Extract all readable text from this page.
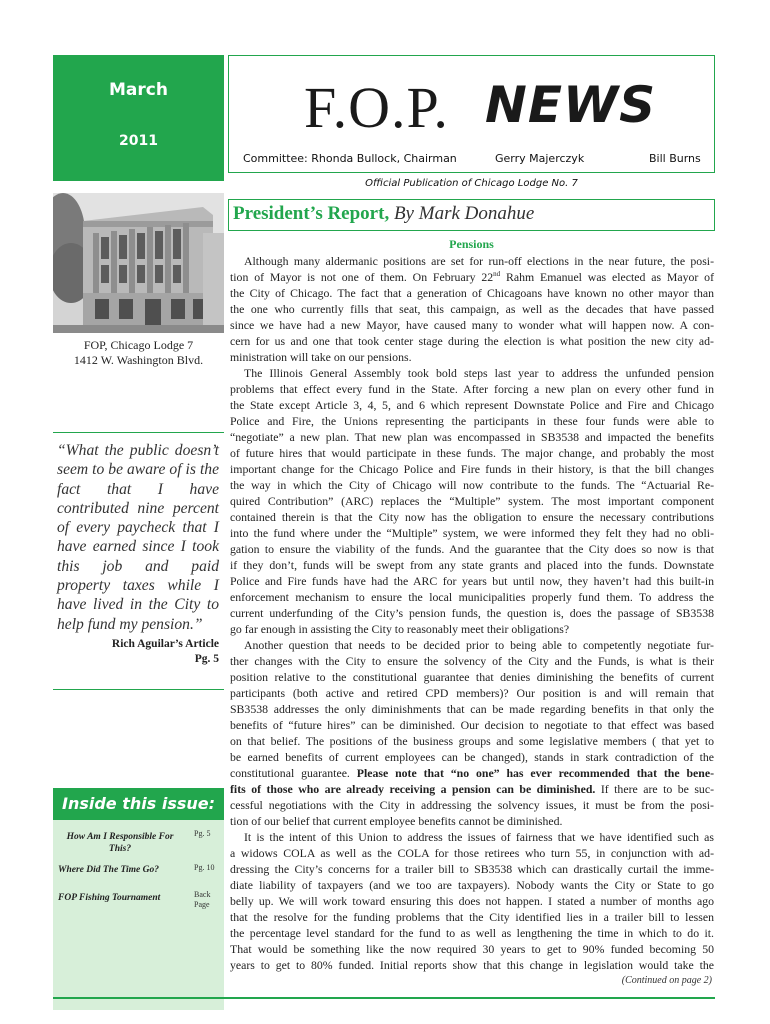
March
2011
F.O.P. NEWS
Committee: Rhonda Bullock, Chairman	Gerry Majerczyk	Bill Burns
Official Publication of Chicago Lodge No. 7
FOP, Chicago Lodge 7
1412 W. Washington Blvd.
“What the public doesn’t seem to be aware of is the fact that I have contributed nine percent of every paycheck that I have earned since I took this job and paid property taxes while I have lived in the City to help fund my pension.”
Rich Aguilar’s Article
Pg. 5
Inside this issue:
How Am I Responsible For This?
Pg. 5
Where Did The Time Go?	Pg. 10
FOP Fishing Tournament	Back Page
President’s Report, By Mark Donahue
Pensions
Although many aldermanic positions are set for run-off elections in the near future, the posi-
tion of Mayor is not one of them. On February 22nd Rahm Emanuel was elected as Mayor of
the City of Chicago. The fact that a generation of Chicagoans have known no other mayor than
the one who currently fills that seat, this campaign, as well as the decades that have passed
since we have had a new Mayor, have caused many to wonder what will happen now. A con-
cern for us and one that took center stage during the election is what position the new city ad-
ministration will take on our pensions.
The Illinois General Assembly took bold steps last year to address the unfunded pension
problems that effect every fund in the State. After forcing a new plan on every other fund in
the State except Article 3, 4, 5, and 6 which represent Downstate Police and Fire and Chicago
Police and Fire, the Unions representing the participants in these four funds were able to
“negotiate” a new plan. That new plan was encompassed in SB3538 and impacted the benefits
of future hires that would participate in these funds. The major change, and probably the most
important change for the Chicago Police and Fire funds in their history, is that the bill changes
the way in which the City of Chicago will now contribute to the funds. The “Actuarial Re-
quired Contribution” (ARC) replaces the “Multiple” system. The most important component
contained therein is that the City now has the obligation to ensure the necessary contributions
into the fund where under the “Multiple” system, we were informed they felt they had no obli-
gation to ensure the viability of the funds. And the guarantee that the City does so now is that
if they don’t, funds will be swept from any state grants and placed into the funds. Downstate
Police and Fire funds have had the ARC for years but until now, they haven’t had this built-in
enforcement mechanism to ensure the local municipalities properly fund them. To address the
current underfunding of the City’s pension funds, the question is, does the passage of SB3538
go far enough in assisting the City to reasonably meet their obligations?
Another question that needs to be decided prior to being able to competently negotiate fur-
ther changes with the City to ensure the solvency of the City and the Funds, is what is their
position relative to the constitutional guarantee that denies diminishing the benefits of current
participants (both active and retired CPD members)? Our position is and will remain that
SB3538 addresses the only diminishments that can be made regarding benefits in that only the
benefits of “future hires” can be diminished. Our decision to negotiate to that effect was based
on that belief. The positions of the business groups and some legislative members ( that yet to
be earned benefits of current employees can be changed), stands in stark contradiction of the
constitutional guarantee. Please note that “no one” has ever recommended that the bene-
fits of those who are already receiving a pension can be diminished. If there are to be suc-
cessful negotiations with the City in addressing the solvency issues, it must be from the posi-
tion of our belief that current employee benefits cannot be diminished.
It is the intent of this Union to address the issues of fairness that we have identified such as
a widows COLA as well as the COLA for those retirees who turn 55, in conjunction with ad-
dressing the City’s concerns for a trailer bill to SB3538 which can drastically curtail the imme-
diate liability of taxpayers (and we too are taxpayers). Nobody wants the City or State to go
belly up. We will work toward ensuring this does not happen. I stated a number of months ago
that the resolve for the funding problems that the City identified lies in a trailer bill to lessen
the percentage level standard for the fund to as well as lengthening the time in which to do it.
That would be something like the now required 30 years to get to 90% funded becoming 50
years to get to 80% funded. Initial reports show that this change in legislation would take the
(Continued on page 2)
